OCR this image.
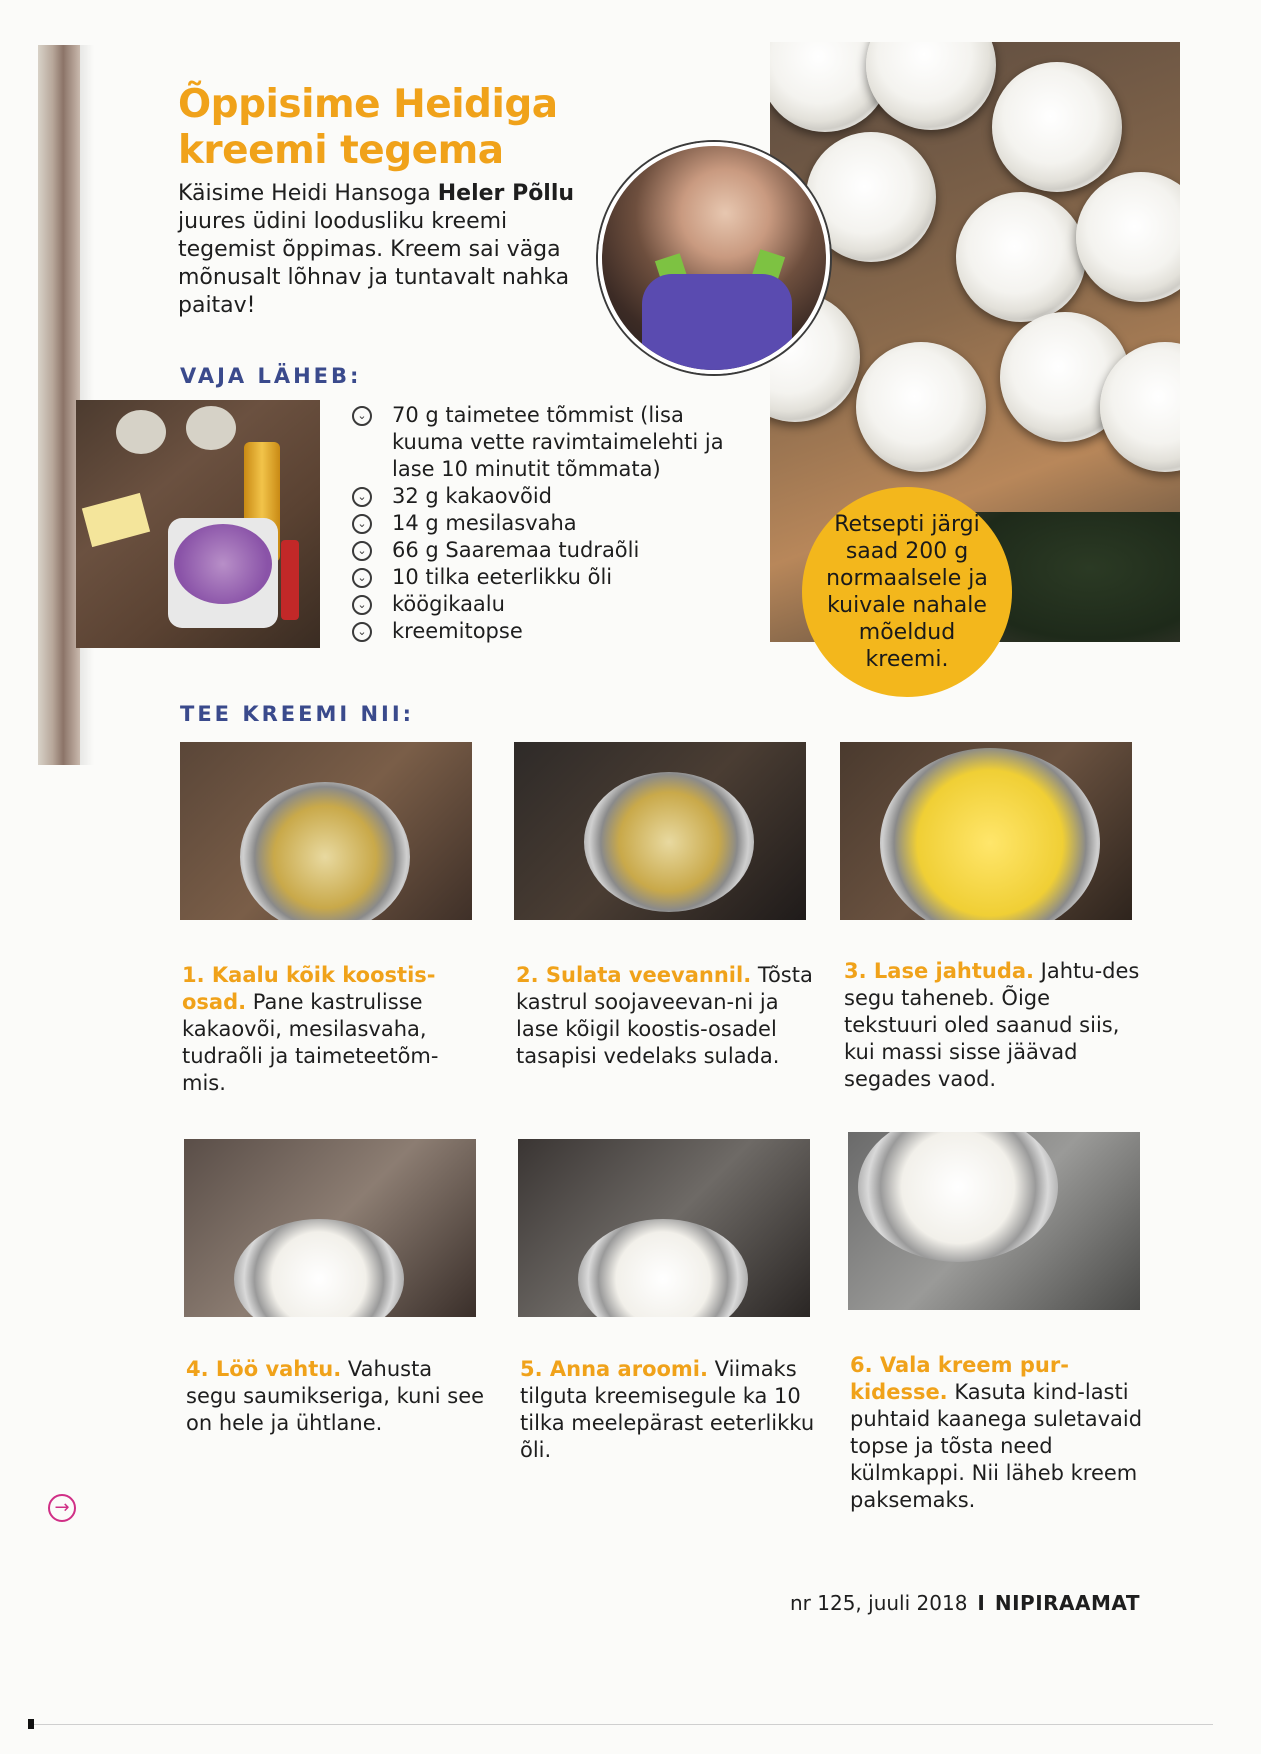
Õppisime Heidiga kreemi tegema

Käisime Heidi Hansoga Heler Põllu juures üdini loodusliku kreemi tegemist õppimas. Kreem sai väga mõnusalt lõhnav ja tuntavalt nahka paitav!

Retsepti järgi saad 200 g normaalsele ja kuivale nahale mõeldud kreemi.
VAJA LÄHEB:
⌄ 70 g taimetee tõmmist (lisa kuuma vette ravimtaimelehti ja lase 10 minutit tõmmata)
⌄ 32 g kakaovõid
⌄ 14 g mesilasvaha
⌄ 66 g Saaremaa tudraõli
⌄ 10 tilka eeterlikku õli
⌄ köögikaalu
⌄ kreemitopse
TEE KREEMI NII:
1. Kaalu kõik koostis-osad. Pane kastrulisse kakaovõi, mesilasvaha, tudraõli ja taimeteetõm-mis.
2. Sulata veevannil. Tõsta kastrul soojaveevan-ni ja lase kõigil koostis-osadel tasapisi vedelaks sulada.
3. Lase jahtuda. Jahtu-des segu taheneb. Õige tekstuuri oled saanud siis, kui massi sisse jäävad segades vaod.
4. Löö vahtu. Vahusta segu saumikseriga, kuni see on hele ja ühtlane.
5. Anna aroomi. Viimaks tilguta kreemisegule ka 10 tilka meelepärast eeterlikku õli.
6. Vala kreem pur-kidesse. Kasuta kind-lasti puhtaid kaanega suletavaid topse ja tõsta need külmkappi. Nii läheb kreem paksemaks.
→
nr 125, juuli 2018 I NIPIRAAMAT
